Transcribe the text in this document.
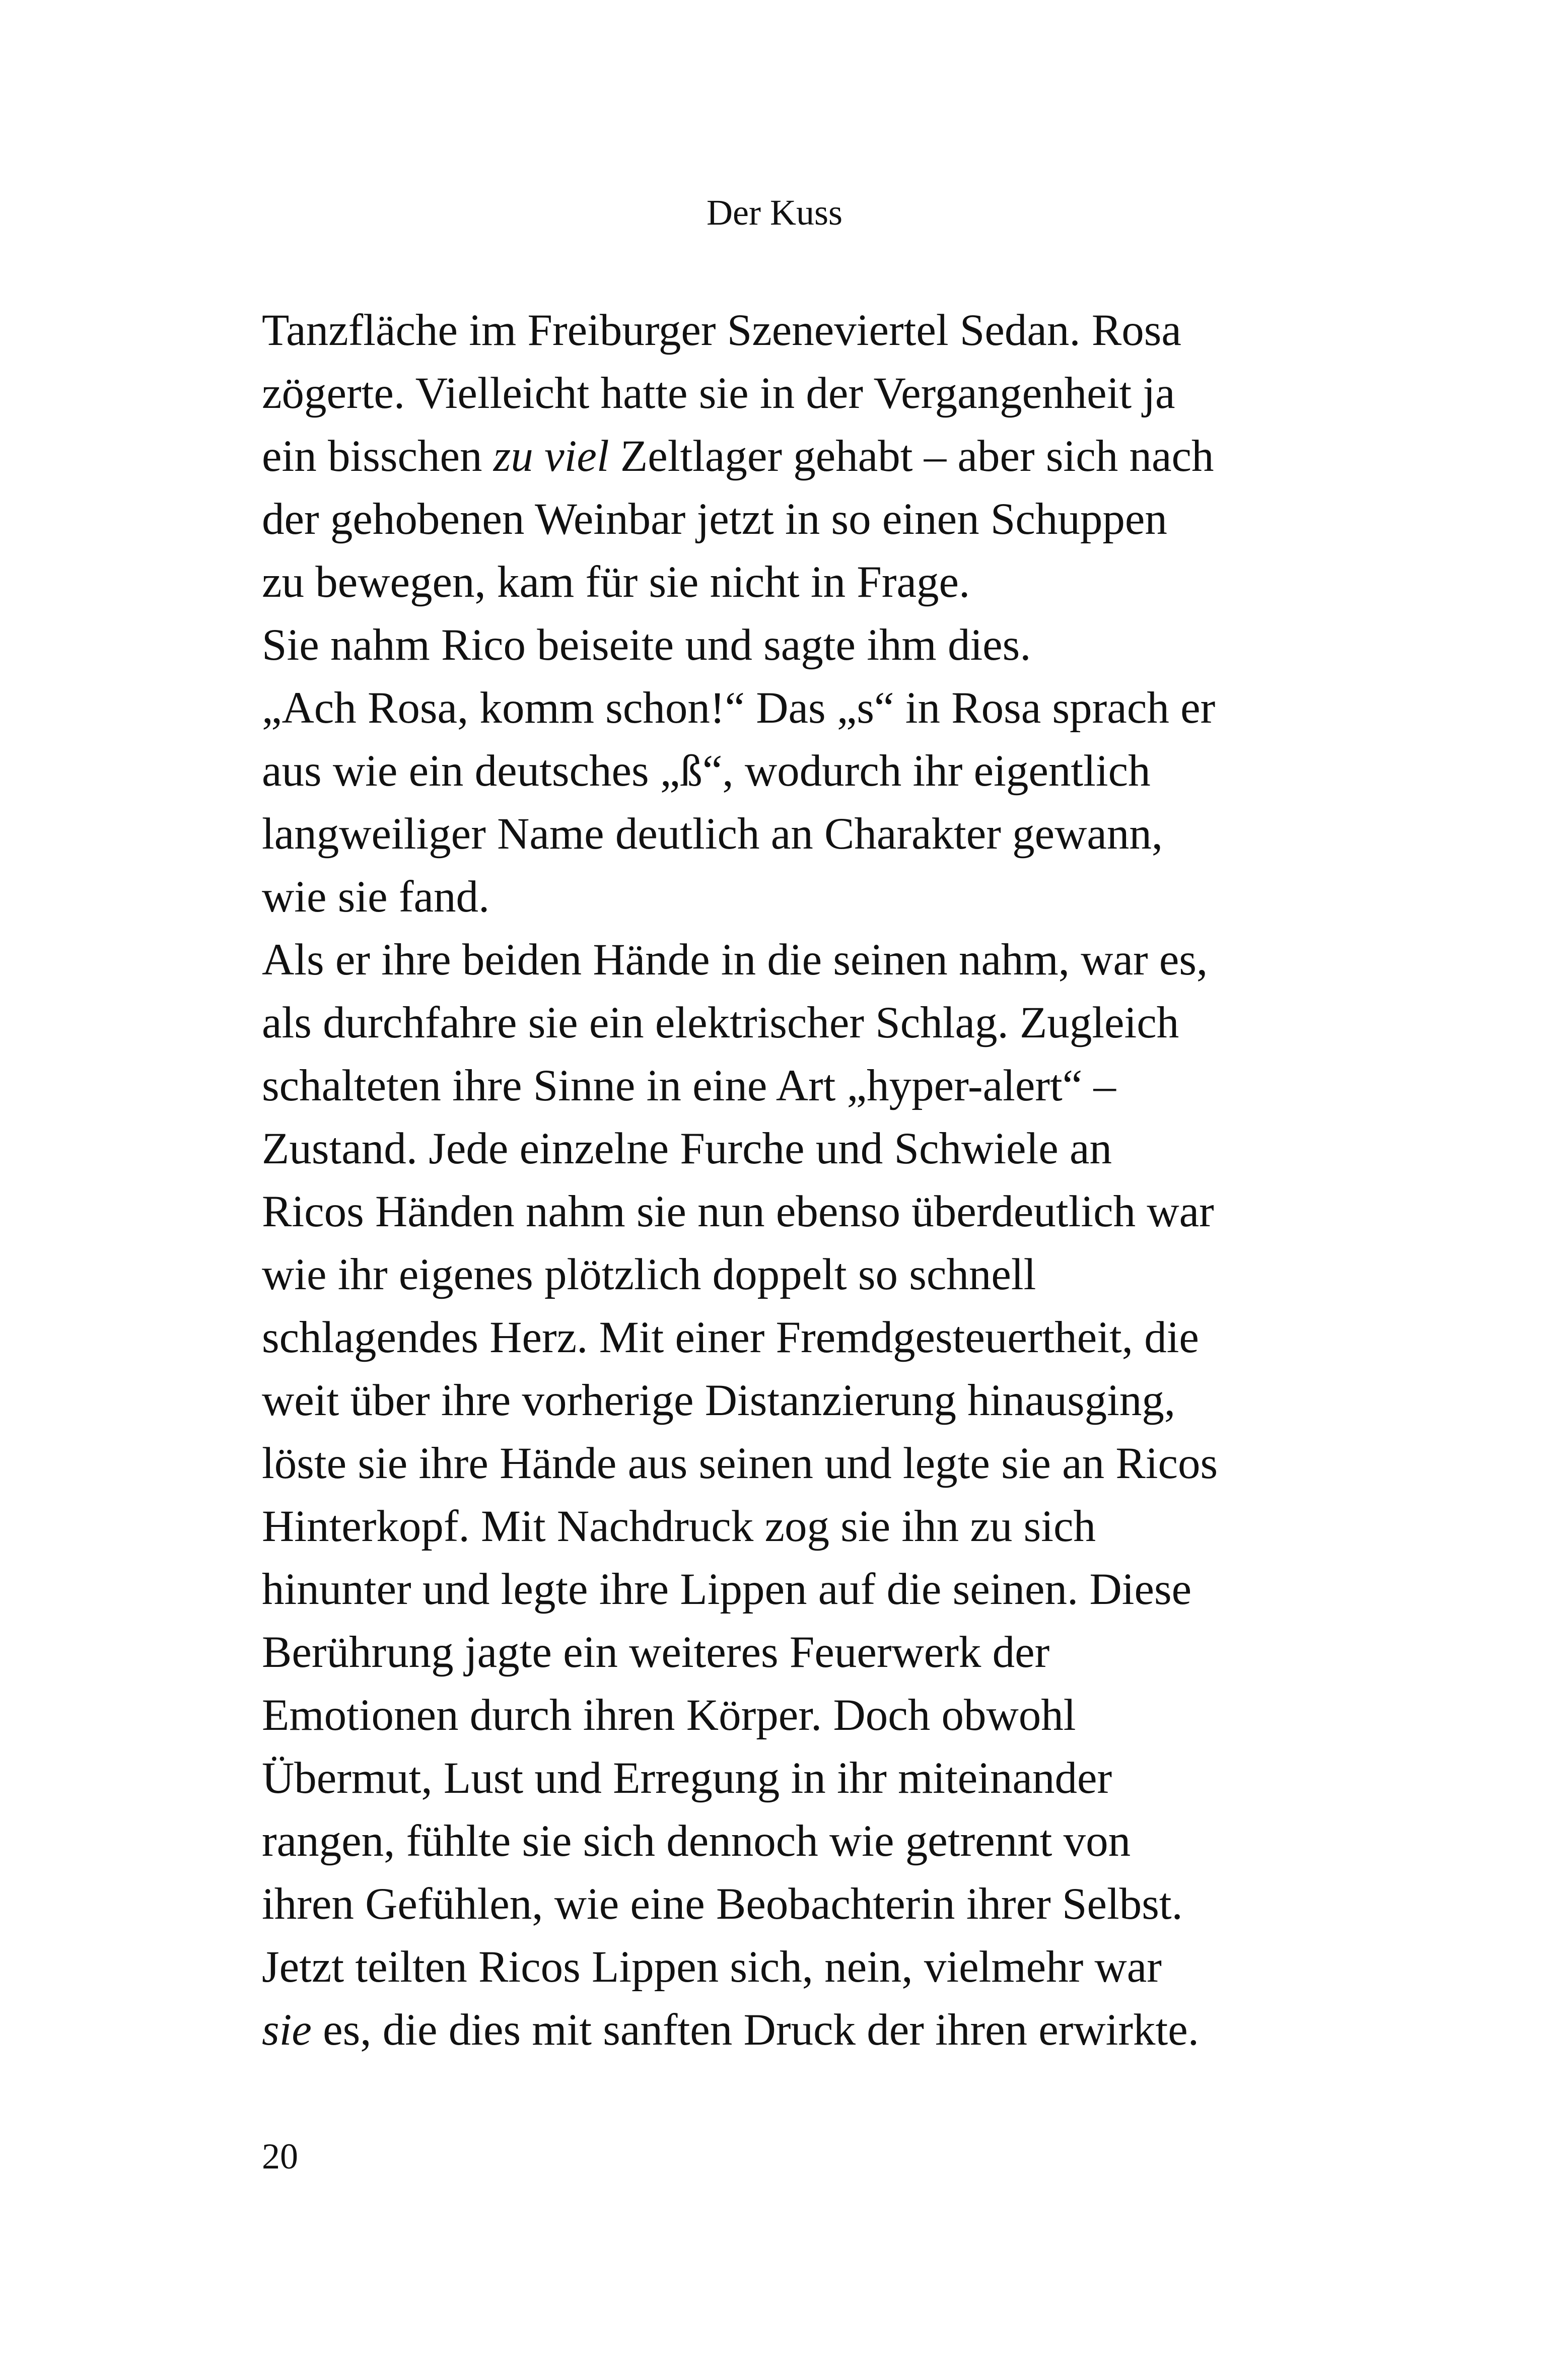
Der Kuss
Tanzfläche im Freiburger Szeneviertel Sedan. Rosa
zögerte. Vielleicht hatte sie in der Vergangenheit ja
ein bisschen zu viel Zeltlager gehabt – aber sich nach
der gehobenen Weinbar jetzt in so einen Schuppen
zu bewegen, kam für sie nicht in Frage.
Sie nahm Rico beiseite und sagte ihm dies.
„Ach Rosa, komm schon!“ Das „s“ in Rosa sprach er
aus wie ein deutsches „ß“, wodurch ihr eigentlich
langweiliger Name deutlich an Charakter gewann,
wie sie fand.
Als er ihre beiden Hände in die seinen nahm, war es,
als durchfahre sie ein elektrischer Schlag. Zugleich
schalteten ihre Sinne in eine Art „hyper-alert“ –
Zustand. Jede einzelne Furche und Schwiele an
Ricos Händen nahm sie nun ebenso überdeutlich war
wie ihr eigenes plötzlich doppelt so schnell
schlagendes Herz. Mit einer Fremdgesteuertheit, die
weit über ihre vorherige Distanzierung hinausging,
löste sie ihre Hände aus seinen und legte sie an Ricos
Hinterkopf. Mit Nachdruck zog sie ihn zu sich
hinunter und legte ihre Lippen auf die seinen. Diese
Berührung jagte ein weiteres Feuerwerk der
Emotionen durch ihren Körper. Doch obwohl
Übermut, Lust und Erregung in ihr miteinander
rangen, fühlte sie sich dennoch wie getrennt von
ihren Gefühlen, wie eine Beobachterin ihrer Selbst.
Jetzt teilten Ricos Lippen sich, nein, vielmehr war
sie es, die dies mit sanften Druck der ihren erwirkte.
20
